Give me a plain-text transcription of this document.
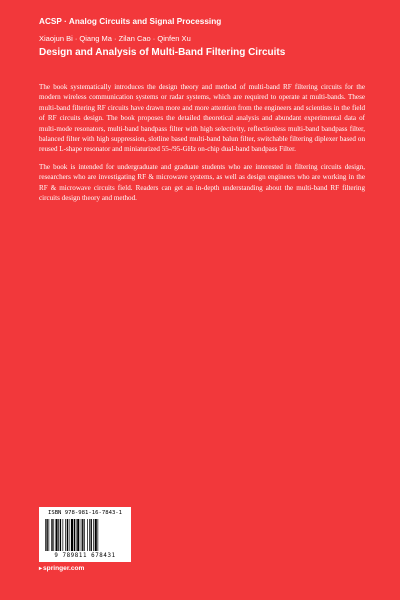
ACSP · Analog Circuits and Signal Processing
Xiaojun Bi · Qiang Ma · Zilan Cao · Qinfen Xu
Design and Analysis of Multi-Band Filtering Circuits

The book systematically introduces the design theory and method of multi-band RF filtering circuits for the modern wireless communication systems or radar systems, which are required to operate at multi-bands. These multi-band filtering RF circuits have drawn more and more attention from the engineers and scientists in the field of RF circuits design. The book proposes the detailed theoretical analysis and abundant experimental data of multi-mode resonators, multi-band bandpass filter with high selectivity, reflectionless multi-band bandpass filter, balanced filter with high suppression, slotline based multi-band balun filter, switchable filtering diplexer based on reused L-shape resonator and miniaturized 55-/95-GHz on-chip dual-band bandpass Filter.

The book is intended for undergraduate and graduate students who are interested in filtering circuits design, researchers who are investigating RF & microwave systems, as well as design engineers who are working in the RF & microwave circuits field. Readers can get an in-depth understanding about the multi-band RF filtering circuits design theory and method.

ISBN 978-981-16-7843-1
9 789811 678431
▸springer.com
